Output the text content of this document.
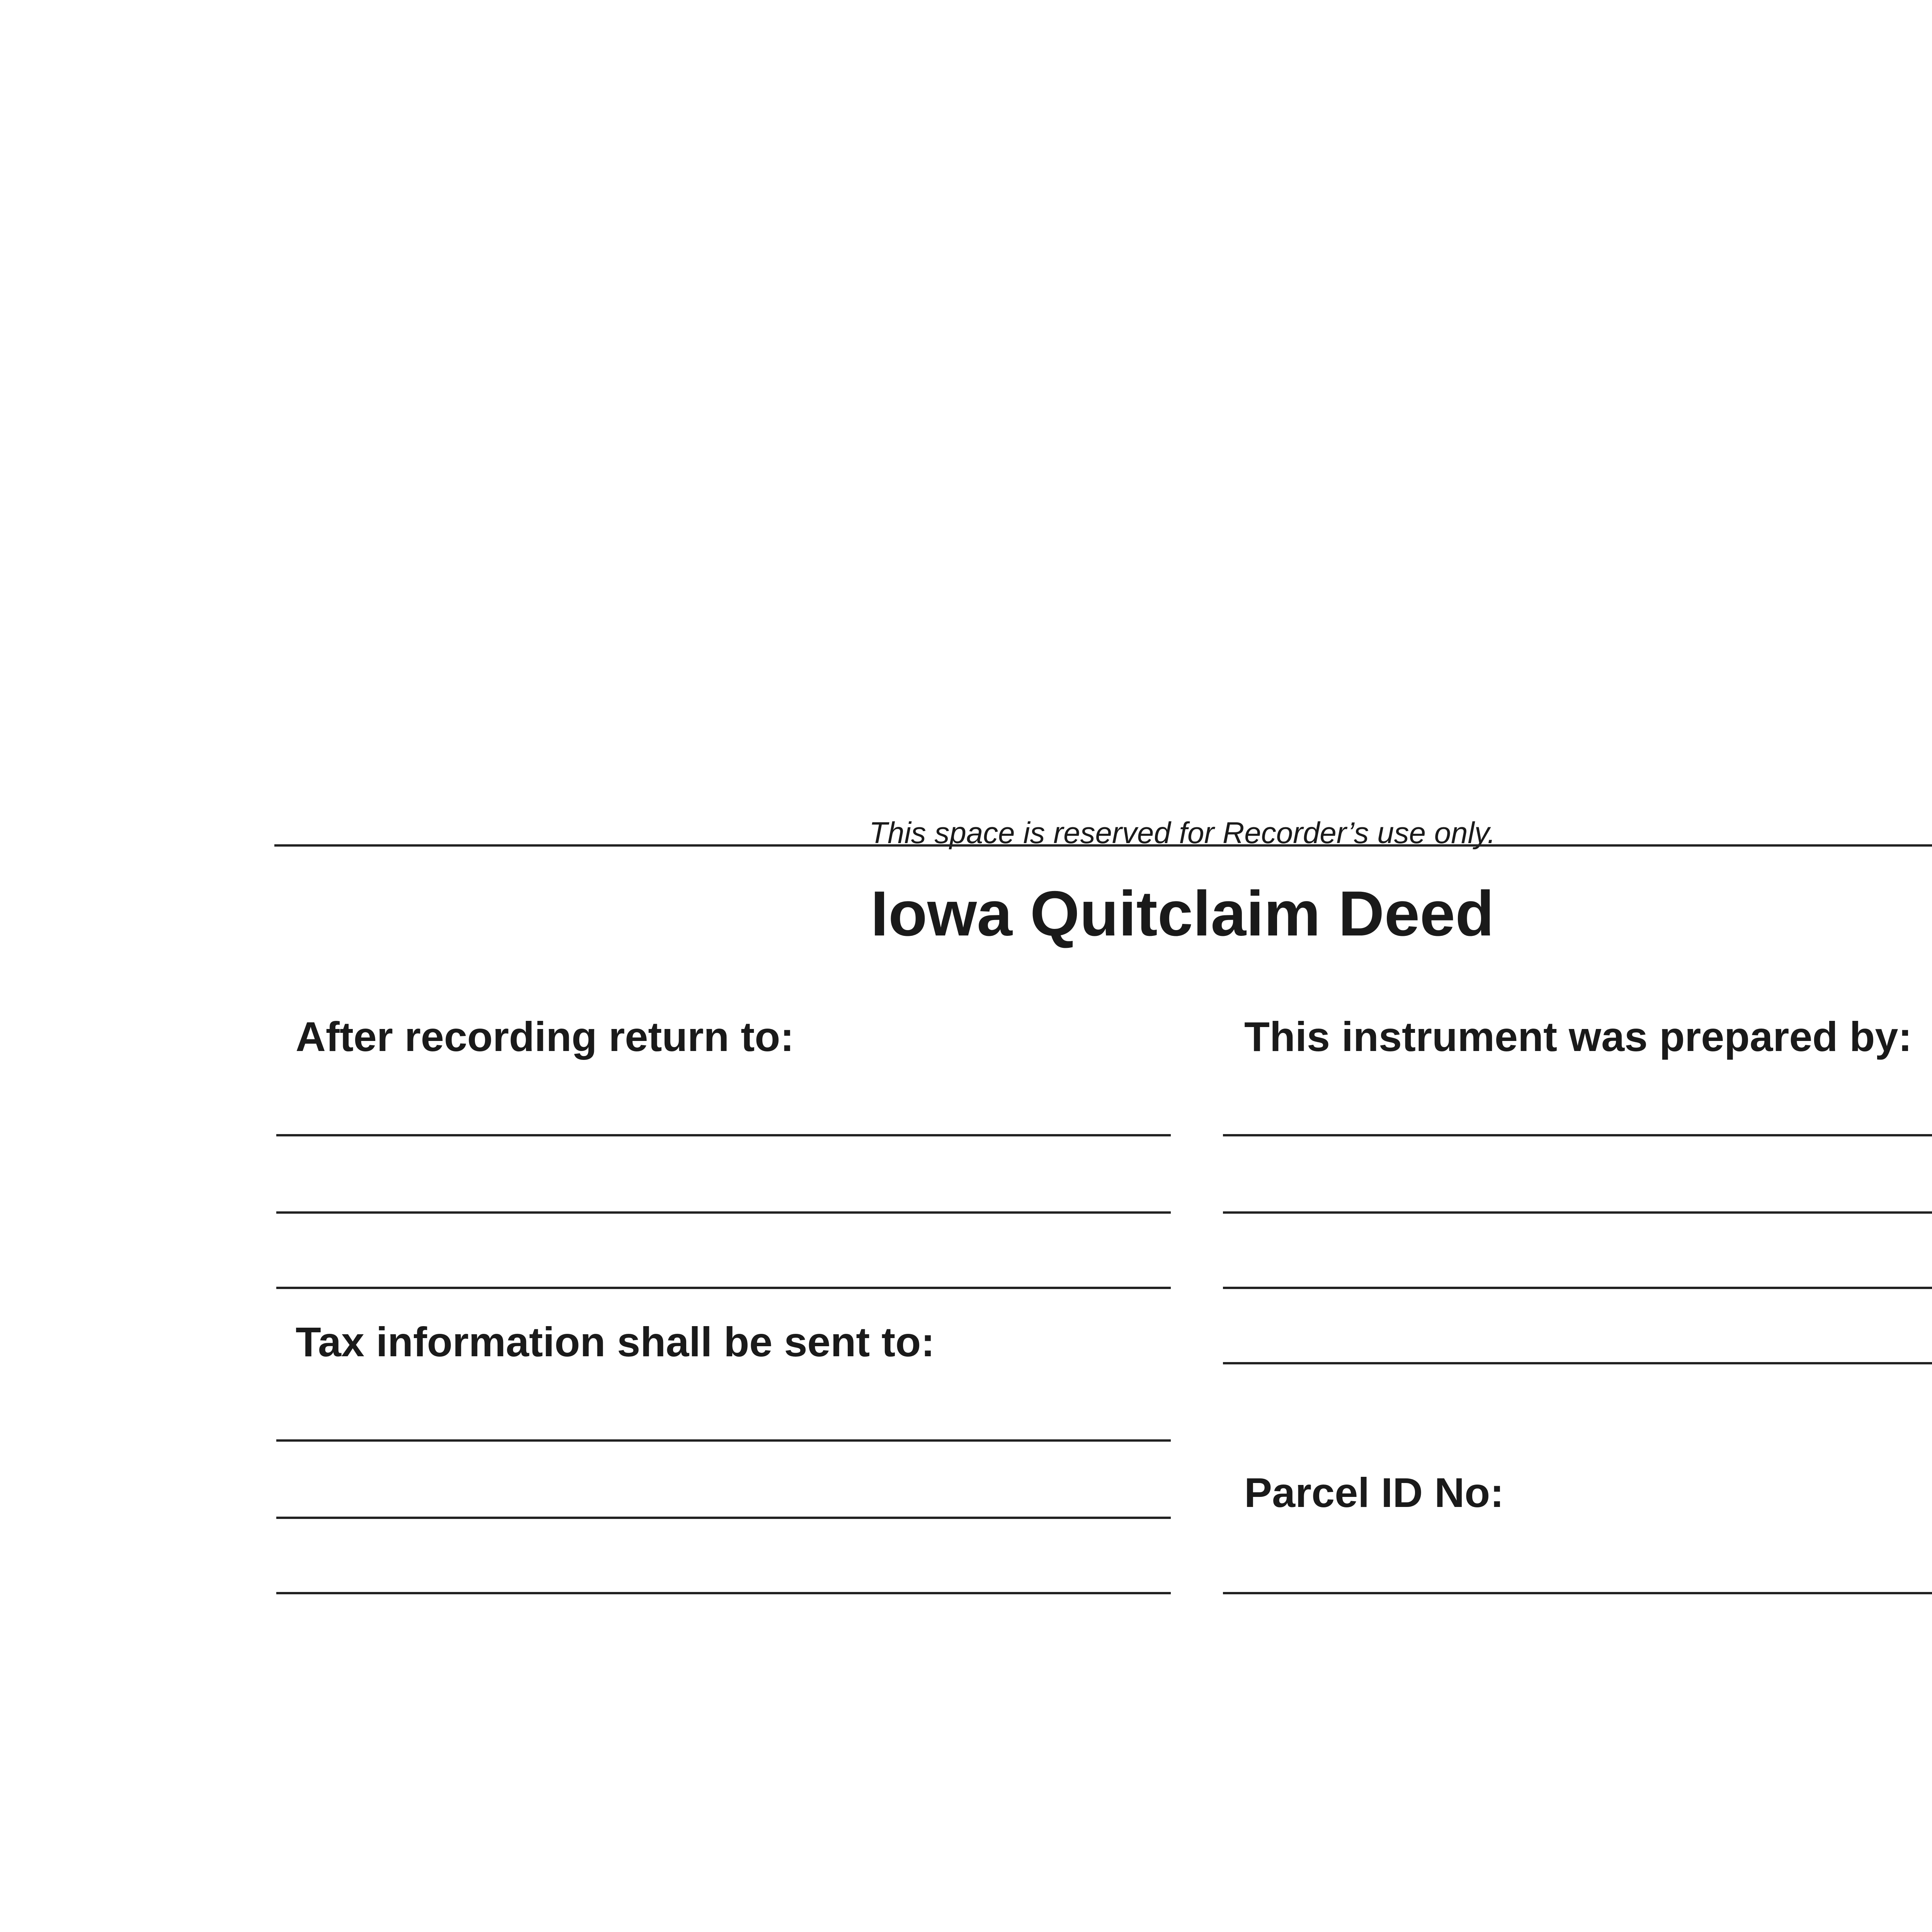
This space is reserved for Recorder’s use only.
Iowa Quitclaim Deed
After recording return to:
Tax information shall be sent to:
This instrument was prepared by:
Parcel ID No:
